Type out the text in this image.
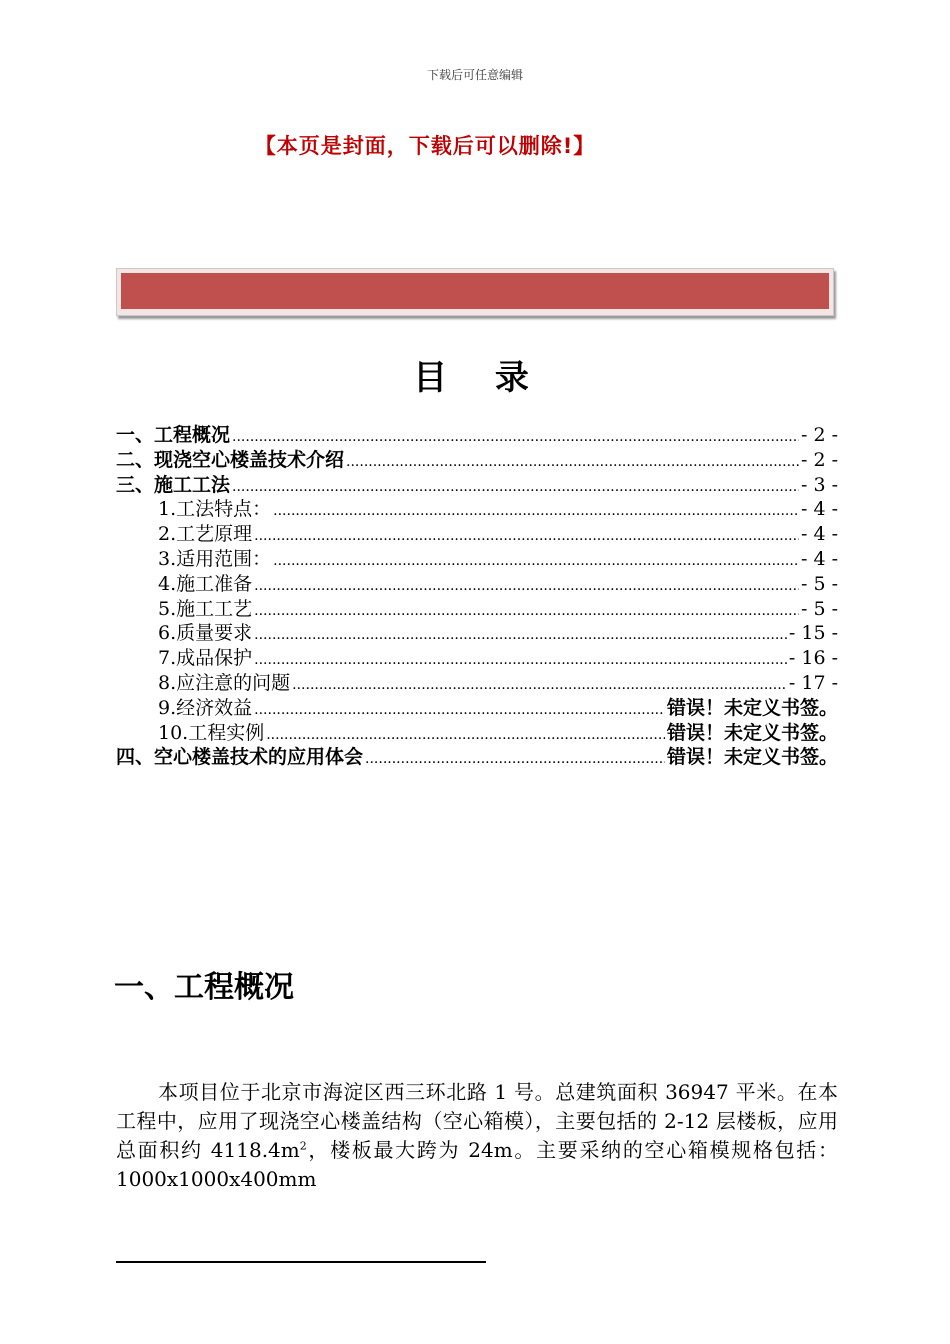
下载后可任意编辑
【本页是封面，下载后可以删除!】
目 录
一、工程概况 .....	- 2 -
二、现浇空心楼盖技术介绍 .....	- 2 -
三、施工工法 .....	- 3 -
1.工法特点： .....	- 4 -
2.工艺原理 .....	- 4 -
3.适用范围： .....	- 4 -
4.施工准备 .....	- 5 -
5.施工工艺 .....	- 5 -
6.质量要求 .....	- 15 -
7.成品保护 .....	- 16 -
8.应注意的问题 .....	- 17 -
9.经济效益 .....	错误！未定义书签。
10.工程实例 .....	错误！未定义书签。
四、空心楼盖技术的应用体会 .....	错误！未定义书签。
一、工程概况

本项目位于北京市海淀区西三环北路 1 号。总建筑面积 36947 平米。在本工程中，应用了现浇空心楼盖结构（空心箱模），主要包括的 2-12 层楼板，应用总面积约 $4118.4m^2$，楼板最大跨为 24m。主要采纳的空心箱模规格包括：1000x1000x400mm
